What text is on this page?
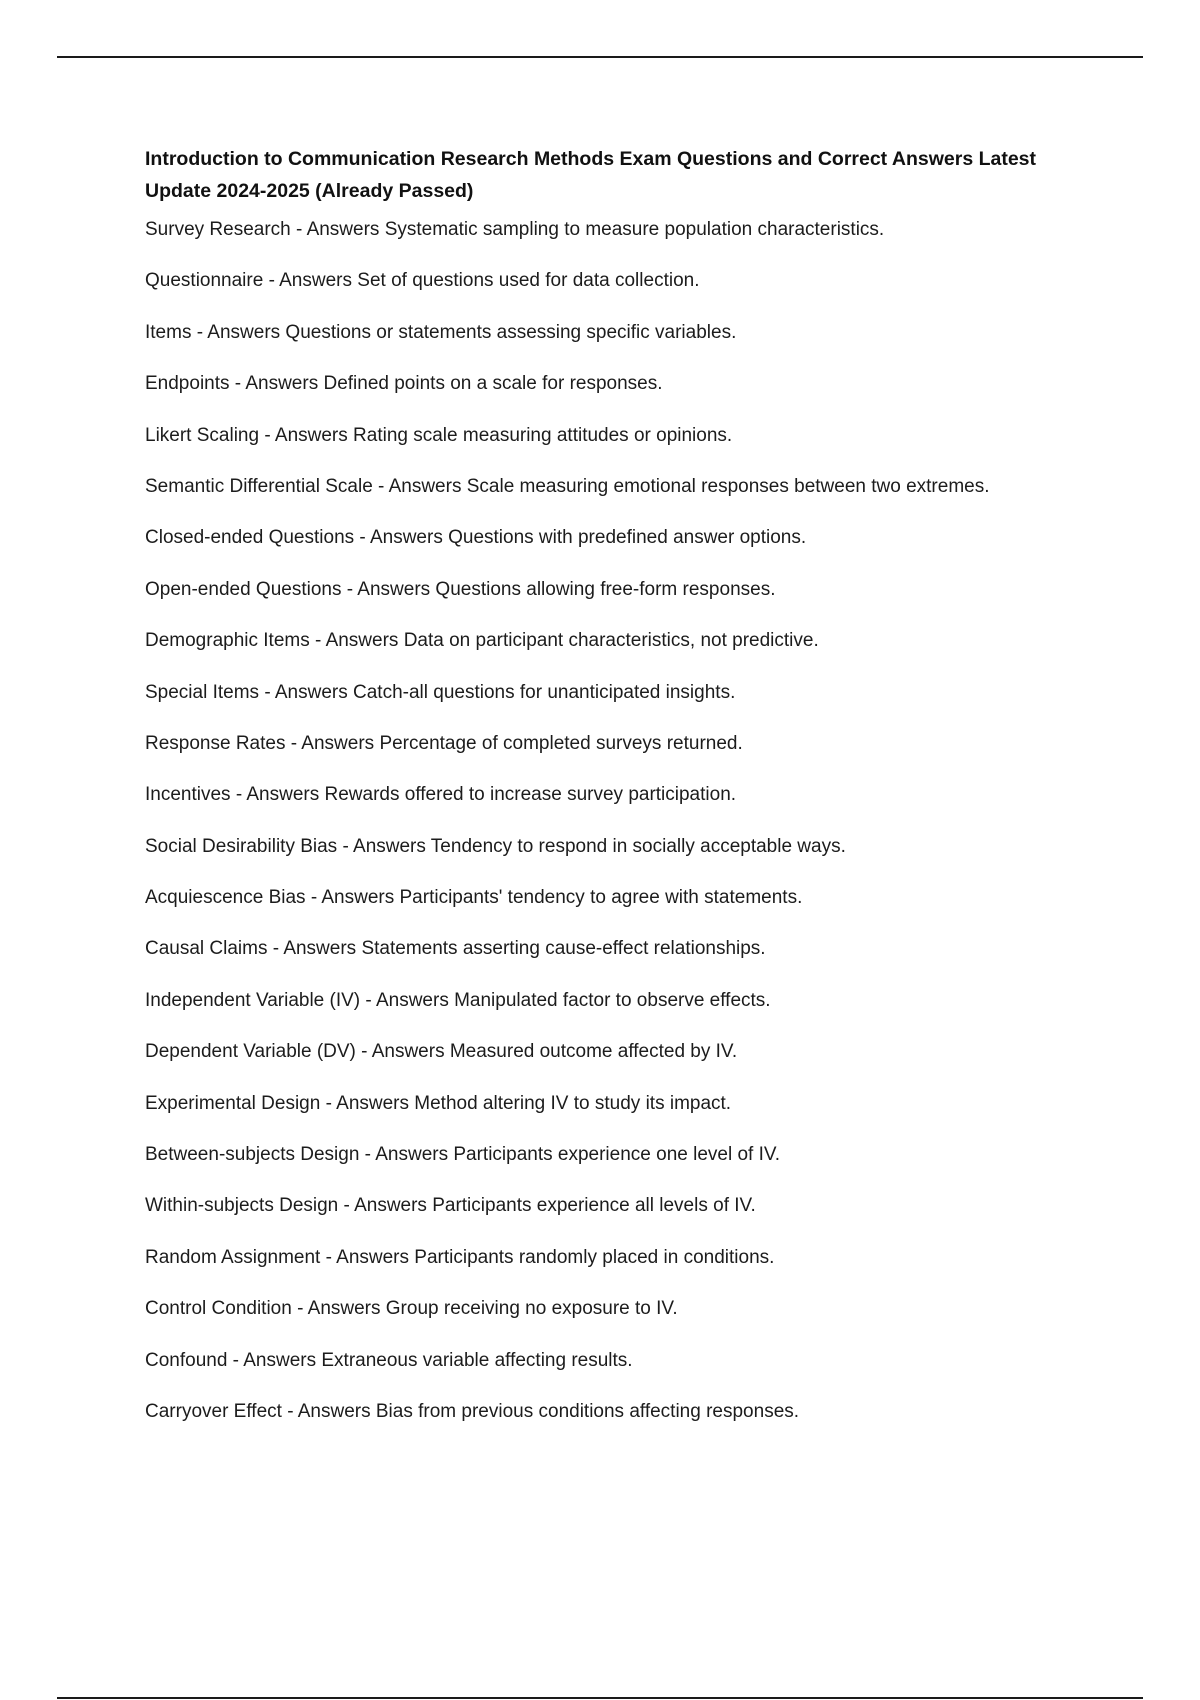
Introduction to Communication Research Methods Exam Questions and Correct Answers Latest Update 2024-2025 (Already Passed)
Survey Research - Answers Systematic sampling to measure population characteristics.
Questionnaire - Answers Set of questions used for data collection.
Items - Answers Questions or statements assessing specific variables.
Endpoints - Answers Defined points on a scale for responses.
Likert Scaling - Answers Rating scale measuring attitudes or opinions.
Semantic Differential Scale - Answers Scale measuring emotional responses between two extremes.
Closed-ended Questions - Answers Questions with predefined answer options.
Open-ended Questions - Answers Questions allowing free-form responses.
Demographic Items - Answers Data on participant characteristics, not predictive.
Special Items - Answers Catch-all questions for unanticipated insights.
Response Rates - Answers Percentage of completed surveys returned.
Incentives - Answers Rewards offered to increase survey participation.
Social Desirability Bias - Answers Tendency to respond in socially acceptable ways.
Acquiescence Bias - Answers Participants' tendency to agree with statements.
Causal Claims - Answers Statements asserting cause-effect relationships.
Independent Variable (IV) - Answers Manipulated factor to observe effects.
Dependent Variable (DV) - Answers Measured outcome affected by IV.
Experimental Design - Answers Method altering IV to study its impact.
Between-subjects Design - Answers Participants experience one level of IV.
Within-subjects Design - Answers Participants experience all levels of IV.
Random Assignment - Answers Participants randomly placed in conditions.
Control Condition - Answers Group receiving no exposure to IV.
Confound - Answers Extraneous variable affecting results.
Carryover Effect - Answers Bias from previous conditions affecting responses.
